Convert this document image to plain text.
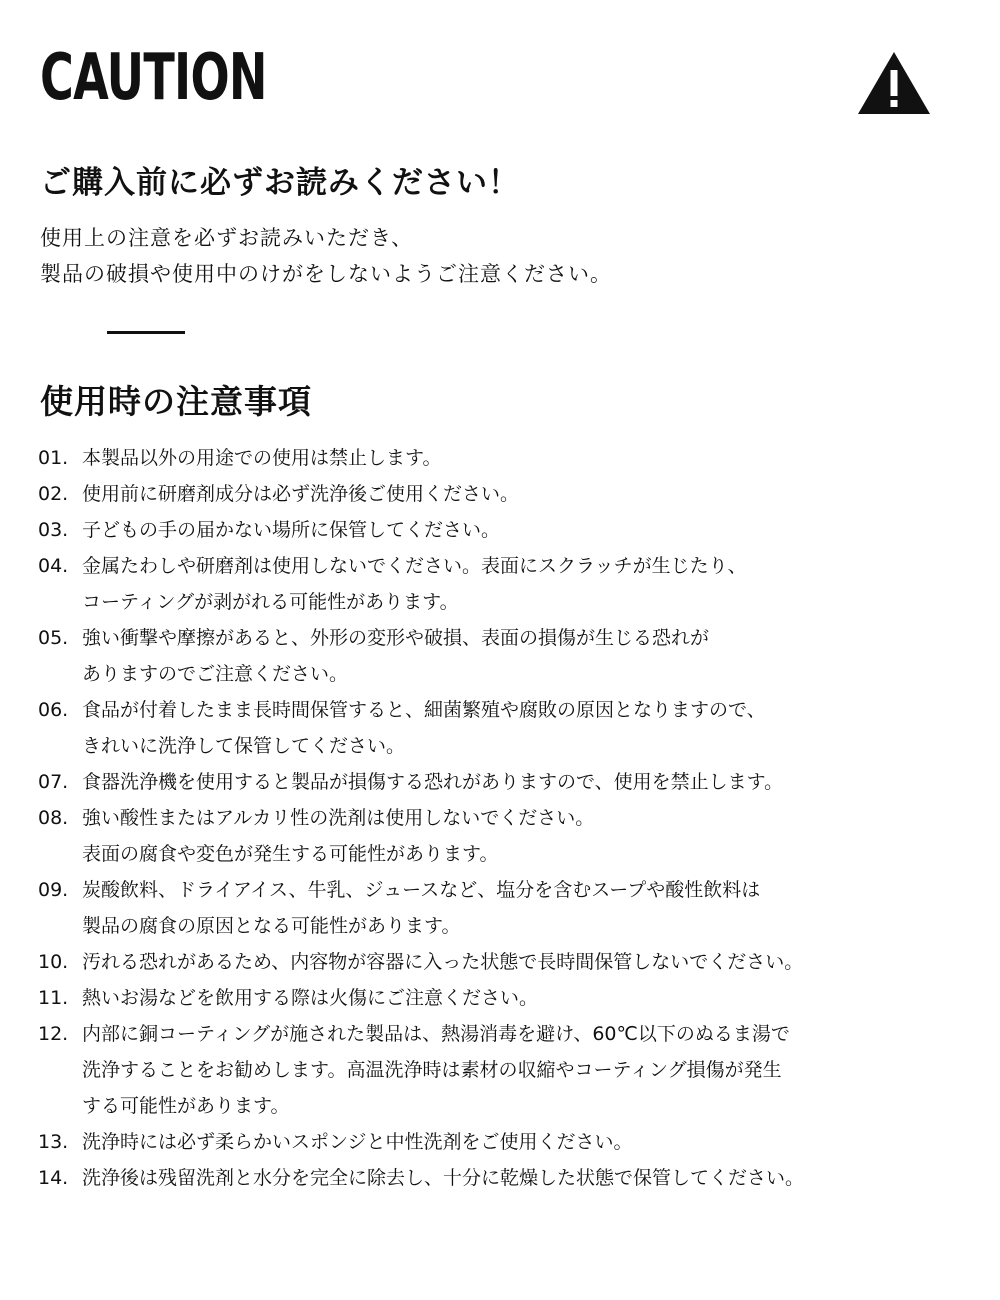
CAUTION
ご購入前に必ずお読みください！
使用上の注意を必ずお読みいただき、
製品の破損や使用中のけがをしないようご注意ください。
使用時の注意事項
01. 本製品以外の用途での使用は禁止します。
02. 使用前に研磨剤成分は必ず洗浄後ご使用ください。
03. 子どもの手の届かない場所に保管してください。
04. 金属たわしや研磨剤は使用しないでください。表面にスクラッチが生じたり、
コーティングが剥がれる可能性があります。
05. 強い衝撃や摩擦があると、外形の変形や破損、表面の損傷が生じる恐れが
ありますのでご注意ください。
06. 食品が付着したまま長時間保管すると、細菌繁殖や腐敗の原因となりますので、
きれいに洗浄して保管してください。
07. 食器洗浄機を使用すると製品が損傷する恐れがありますので、使用を禁止します。
08. 強い酸性またはアルカリ性の洗剤は使用しないでください。
表面の腐食や変色が発生する可能性があります。
09. 炭酸飲料、ドライアイス、牛乳、ジュースなど、塩分を含むスープや酸性飲料は
製品の腐食の原因となる可能性があります。
10. 汚れる恐れがあるため、内容物が容器に入った状態で長時間保管しないでください。
11. 熱いお湯などを飲用する際は火傷にご注意ください。
12. 内部に銅コーティングが施された製品は、熱湯消毒を避け、60℃以下のぬるま湯で
洗浄することをお勧めします。高温洗浄時は素材の収縮やコーティング損傷が発生
する可能性があります。
13. 洗浄時には必ず柔らかいスポンジと中性洗剤をご使用ください。
14. 洗浄後は残留洗剤と水分を完全に除去し、十分に乾燥した状態で保管してください。
